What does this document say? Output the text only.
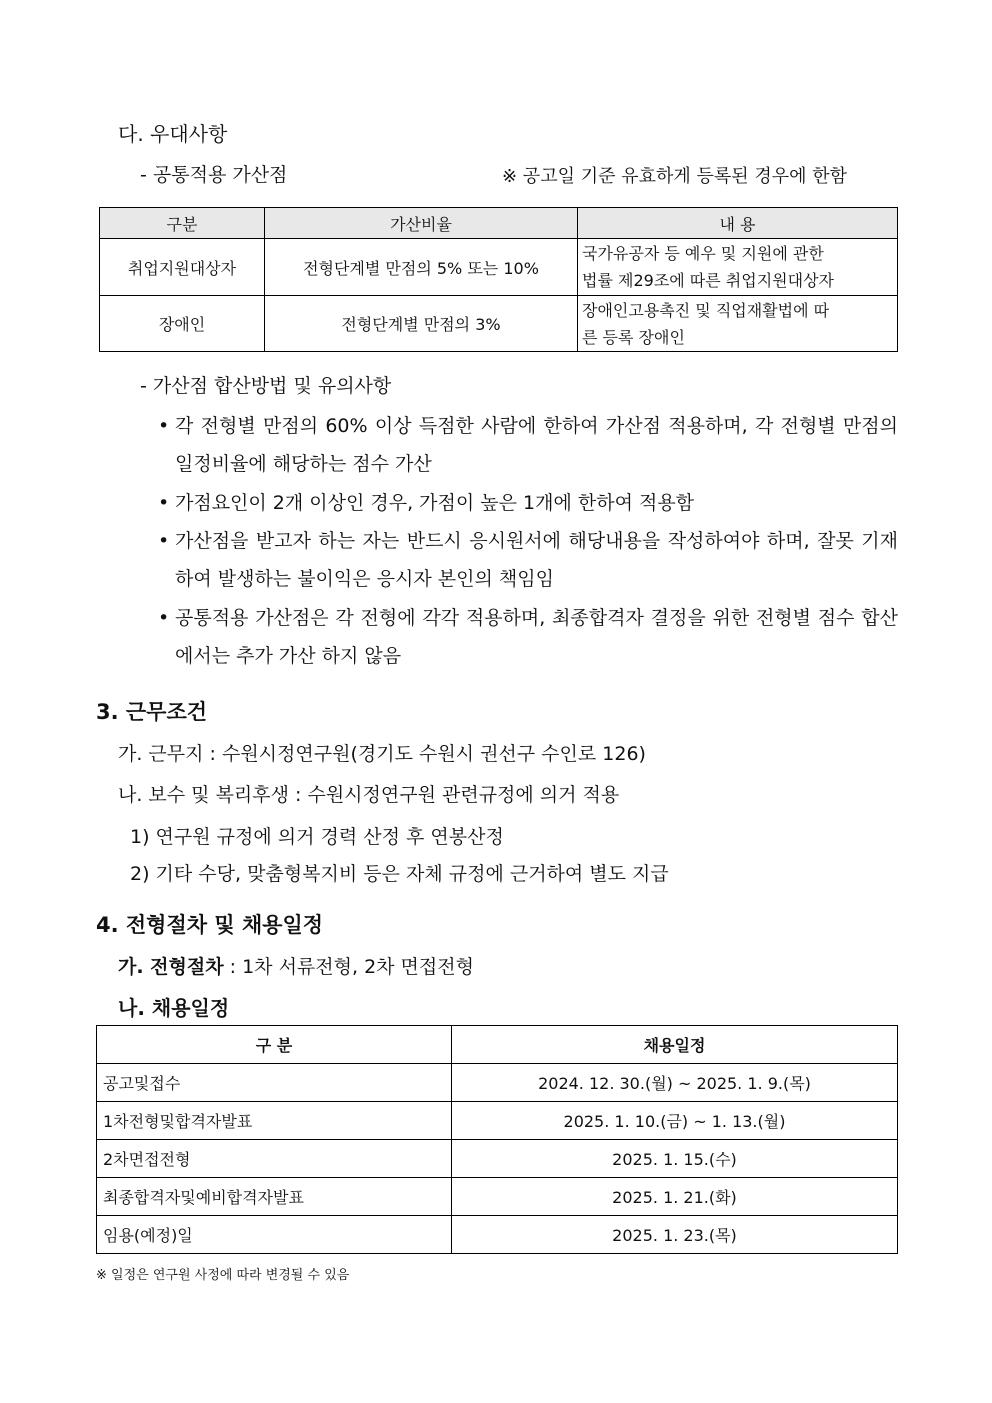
다. 우대사항
- 공통적용 가산점	※ 공고일 기준 유효하게 등록된 경우에 한함
구분	가산비율	내 용
취업지원대상자	전형단계별 만점의 5% 또는 10%	국가유공자 등 예우 및 지원에 관한
법률 제29조에 따른 취업지원대상자

장애인	전형단계별 만점의 3%	장애인고용촉진 및 직업재활법에 따
른 등록 장애인
- 가산점 합산방법 및 유의사항
• 각 전형별 만점의 60% 이상 득점한 사람에 한하여 가산점 적용하며, 각 전형별 만점의 일정비율에 해당하는 점수 가산
• 가점요인이 2개 이상인 경우, 가점이 높은 1개에 한하여 적용함
• 가산점을 받고자 하는 자는 반드시 응시원서에 해당내용을 작성하여야 하며, 잘못 기재하여 발생하는 불이익은 응시자 본인의 책임임
• 공통적용 가산점은 각 전형에 각각 적용하며, 최종합격자 결정을 위한 전형별 점수 합산에서는 추가 가산 하지 않음
3. 근무조건
가. 근무지 : 수원시정연구원(경기도 수원시 권선구 수인로 126)
나. 보수 및 복리후생 : 수원시정연구원 관련규정에 의거 적용
1) 연구원 규정에 의거 경력 산정 후 연봉산정
2) 기타 수당, 맞춤형복지비 등은 자체 규정에 근거하여 별도 지급
4. 전형절차 및 채용일정
가. 전형절차 : 1차 서류전형, 2차 면접전형
나. 채용일정
구 분	채용일정
공고및접수	2024. 12. 30.(월) ~ 2025. 1. 9.(목)
1차전형및합격자발표	2025. 1. 10.(금) ~ 1. 13.(월)
2차면접전형	2025. 1. 15.(수)
최종합격자및예비합격자발표	2025. 1. 21.(화)
임용(예정)일	2025. 1. 23.(목)
※ 일정은 연구원 사정에 따라 변경될 수 있음
